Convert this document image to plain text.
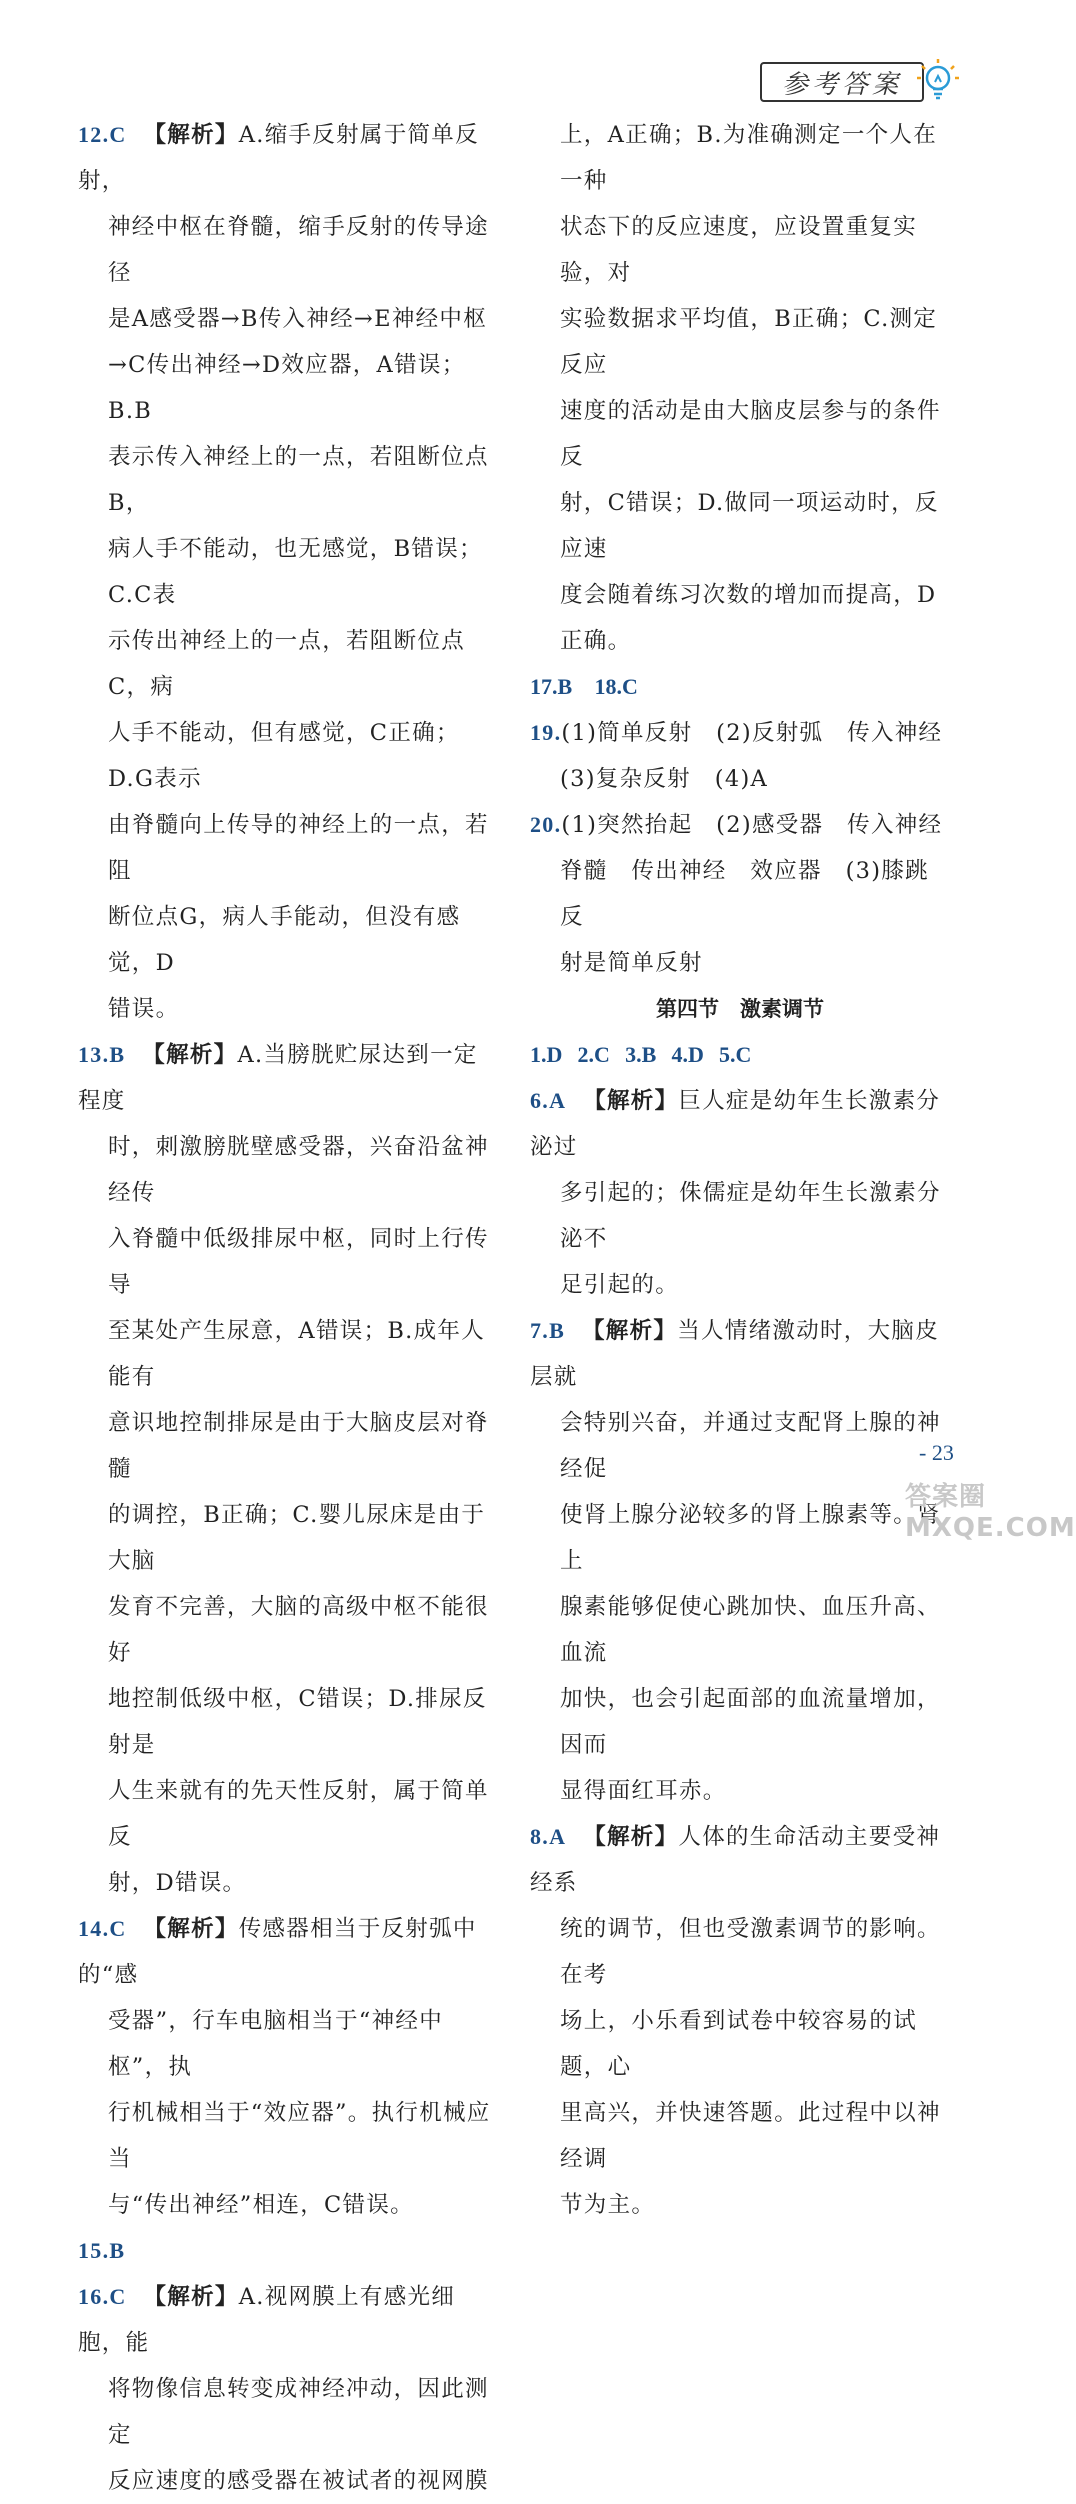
参考答案
12.C 【解析】A.缩手反射属于简单反射，
神经中枢在脊髓，缩手反射的传导途径
是A感受器→B传入神经→E神经中枢
→C传出神经→D效应器，A错误；B.B
表示传入神经上的一点，若阻断位点B，
病人手不能动，也无感觉，B错误；C.C表
示传出神经上的一点，若阻断位点C，病
人手不能动，但有感觉，C正确；D.G表示
由脊髓向上传导的神经上的一点，若阻
断位点G，病人手能动，但没有感觉，D
错误。
13.B 【解析】A.当膀胱贮尿达到一定程度
时，刺激膀胱壁感受器，兴奋沿盆神经传
入脊髓中低级排尿中枢，同时上行传导
至某处产生尿意，A错误；B.成年人能有
意识地控制排尿是由于大脑皮层对脊髓
的调控，B正确；C.婴儿尿床是由于大脑
发育不完善，大脑的高级中枢不能很好
地控制低级中枢，C错误；D.排尿反射是
人生来就有的先天性反射，属于简单反
射，D错误。
14.C 【解析】传感器相当于反射弧中的“感
受器”，行车电脑相当于“神经中枢”，执
行机械相当于“效应器”。执行机械应当
与“传出神经”相连，C错误。
15.B
16.C 【解析】A.视网膜上有感光细胞，能
将物像信息转变成神经冲动，因此测定
反应速度的感受器在被试者的视网膜
上，A正确；B.为准确测定一个人在一种
状态下的反应速度，应设置重复实验，对
实验数据求平均值，B正确；C.测定反应
速度的活动是由大脑皮层参与的条件反
射，C错误；D.做同一项运动时，反应速
度会随着练习次数的增加而提高，D
正确。
17.B 18.C
19.(1)简单反射　(2)反射弧　传入神经
(3)复杂反射　(4)A
20.(1)突然抬起　(2)感受器　传入神经
脊髓　传出神经　效应器　(3)膝跳反
射是简单反射
第四节　激素调节
1.D 2.C 3.B 4.D 5.C
6.A 【解析】巨人症是幼年生长激素分泌过
多引起的；侏儒症是幼年生长激素分泌不
足引起的。
7.B 【解析】当人情绪激动时，大脑皮层就
会特别兴奋，并通过支配肾上腺的神经促
使肾上腺分泌较多的肾上腺素等。肾上
腺素能够促使心跳加快、血压升高、血流
加快，也会引起面部的血流量增加，因而
显得面红耳赤。
8.A 【解析】人体的生命活动主要受神经系
统的调节，但也受激素调节的影响。在考
场上，小乐看到试卷中较容易的试题，心
里高兴，并快速答题。此过程中以神经调
节为主。
- 23
答案圈 MXQE.COM
